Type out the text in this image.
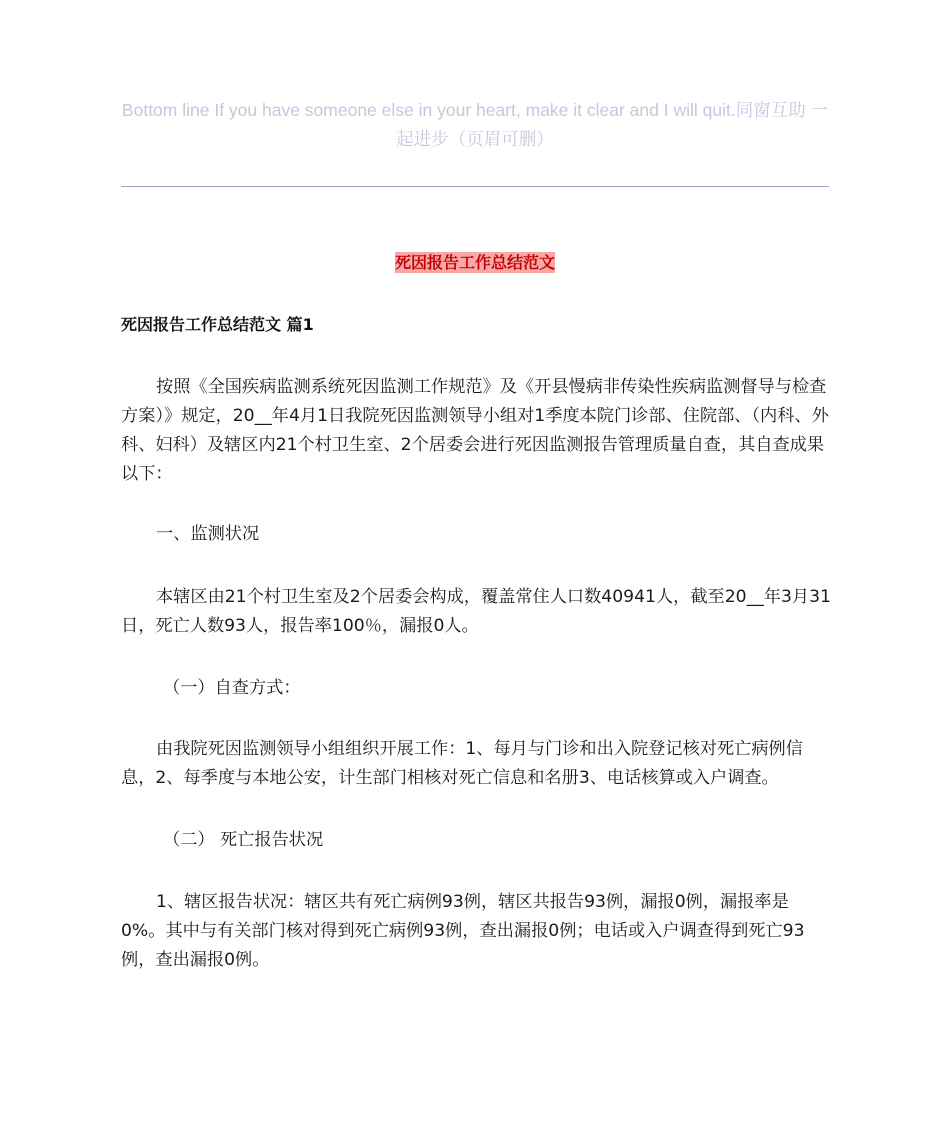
Bottom line If you have someone else in your heart, make it clear and I will quit.同窗互助 一起进步（页眉可删）
死因报告工作总结范文
死因报告工作总结范文 篇1

按照《全国疾病监测系统死因监测工作规范》及《开县慢病非传染性疾病监测督导与检查方案）》规定，20__年4月1日我院死因监测领导小组对1季度本院门诊部、住院部、（内科、外科、妇科）及辖区内21个村卫生室、2个居委会进行死因监测报告管理质量自查，其自查成果以下：

一、监测状况

本辖区由21个村卫生室及2个居委会构成，覆盖常住人口数40941人，截至20__年3月31日，死亡人数93人，报告率100％，漏报0人。

（一）自查方式：

由我院死因监测领导小组组织开展工作：1、每月与门诊和出入院登记核对死亡病例信息，2、每季度与本地公安，计生部门相核对死亡信息和名册3、电话核算或入户调查。

（二） 死亡报告状况

1、辖区报告状况：辖区共有死亡病例93例，辖区共报告93例，漏报0例，漏报率是0%。其中与有关部门核对得到死亡病例93例，查出漏报0例；电话或入户调查得到死亡93例，查出漏报0例。
